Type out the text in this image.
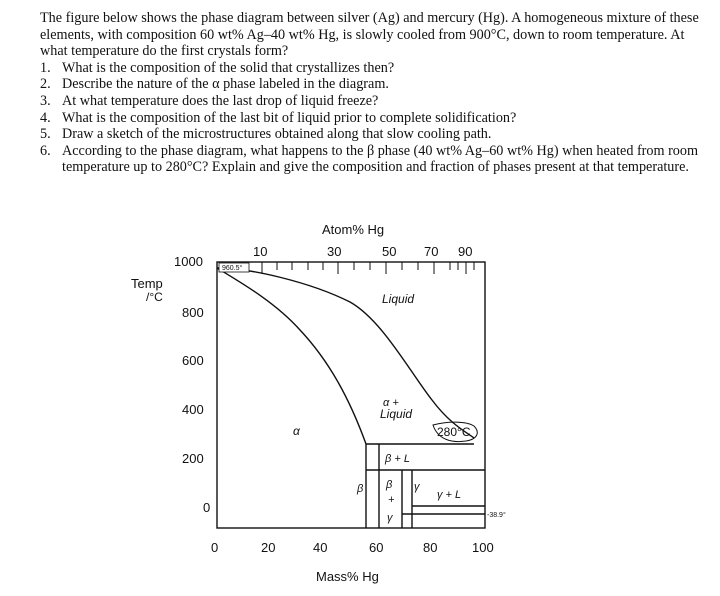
The figure below shows the phase diagram between silver (Ag) and mercury (Hg). A homogeneous mixture of these elements, with composition 60 wt% Ag–40 wt% Hg, is slowly cooled from 900°C, down to room temperature. At what temperature do the first crystals form?

1. What is the composition of the solid that crystallizes then?
2. Describe the nature of the α phase labeled in the diagram.
3. At what temperature does the last drop of liquid freeze?
4. What is the composition of the last bit of liquid prior to complete solidification?
5. Draw a sketch of the microstructures obtained along that slow cooling path.
6. According to the phase diagram, what happens to the β phase (40 wt% Ag–60 wt% Hg) when heated from room temperature up to 280°C? Explain and give the composition and fraction of phases present at that temperature.
960.5°
280°C
-38.9°
Liquid
α +
Liquid
α
β + L
β β
+
γ
γ
γ + L
Atom% Hg
10	30	50 70 90
Temp
/°C
1000
800
600
400
200
0
0	20	40	60	80	100
Mass% Hg
